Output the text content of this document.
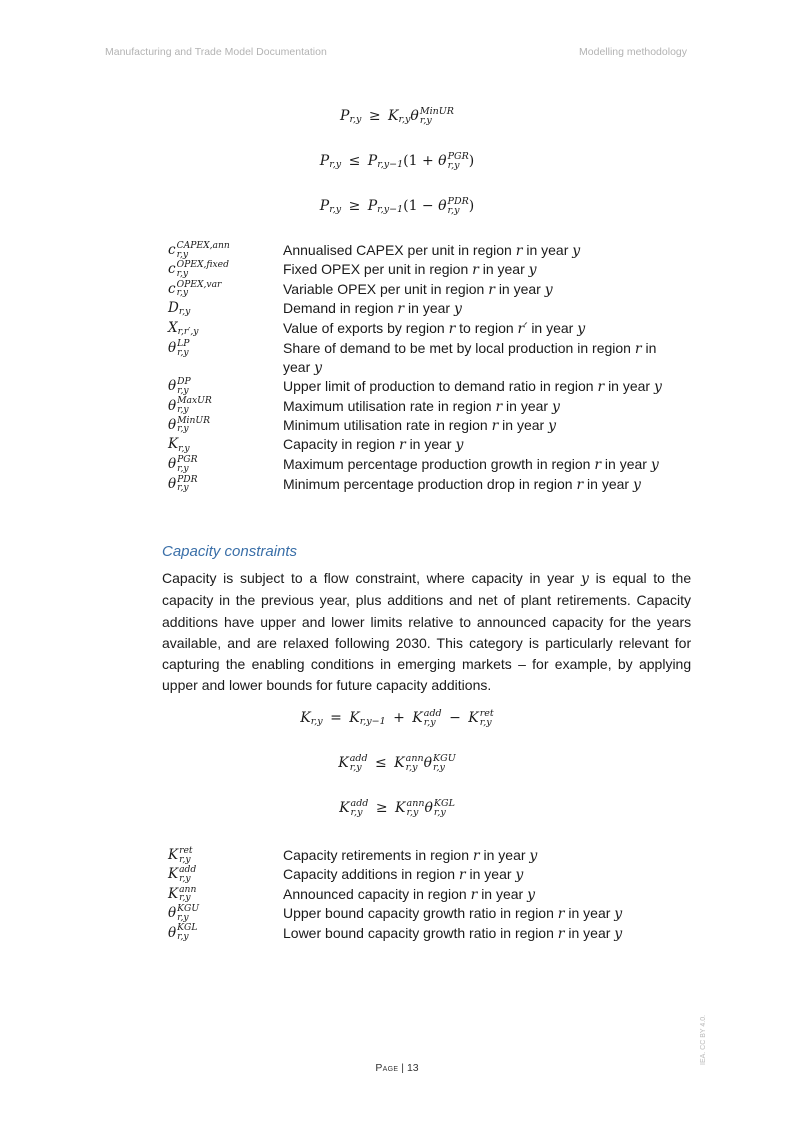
Manufacturing and Trade Model Documentation	Modelling methodology
Pr,y ≥ Kr,yθ MinUR
r,y
Pr,y ≤ Pr,y−1(1 + θ PGR
r,y )
Pr,y ≥ Pr,y−1(1 − θ PDR
r,y )
c CAPEX,ann
r,y	Annualised CAPEX per unit in region r in year y
c OPEX,fixed
r,y	Fixed OPEX per unit in region r in year y
c OPEX,var
r,y	Variable OPEX per unit in region r in year y
Dr,y	Demand in region r in year y
Xr,r′,y	Value of exports by region r to region r′ in year y
θ LP
r,y	Share of demand to be met by local production in region r in year y
θ DP
r,y	Upper limit of production to demand ratio in region r in year y
θ MaxUR
r,y	Maximum utilisation rate in region r in year y
θ MinUR
r,y	Minimum utilisation rate in region r in year y
Kr,y	Capacity in region r in year y
θ PGR
r,y	Maximum percentage production growth in region r in year y
θ PDR
r,y	Minimum percentage production drop in region r in year y
Capacity constraints
Capacity is subject to a flow constraint, where capacity in year y is equal to the capacity in the previous year, plus additions and net of plant retirements. Capacity additions have upper and lower limits relative to announced capacity for the years available, and are relaxed following 2030. This category is particularly relevant for capturing the enabling conditions in emerging markets – for example, by applying upper and lower bounds for future capacity additions.
Kr,y = Kr,y−1 + K add
r,y − K ret
r,y
K add
r,y ≤ K ann
r,y θ KGU
r,y
K add
r,y ≥ K ann
r,y θ KGL
r,y
K ret
r,y	Capacity retirements in region r in year y
K add
r,y	Capacity additions in region r in year y
K ann
r,y	Announced capacity in region r in year y
θ KGU
r,y	Upper bound capacity growth ratio in region r in year y
θ KGL
r,y	Lower bound capacity growth ratio in region r in year y
Page | 13
IEA. CC BY 4.0.
